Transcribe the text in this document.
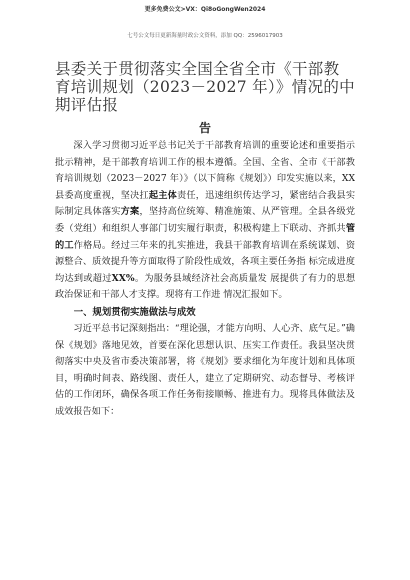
更多免费公文>VX：Qi8oGongWen2024
七号公文每日更新海量时政公文资料，添加 QQ：2596017903
县委关于贯彻落实全国全省全市《干部教育培训规划（2023－2027 年）》情况的中期评估报
告

深入学习贯彻习近平总书记关于干部教育培训的重要论述和重要指示批示精神，是干部教育培训工作的根本遵循。全国、全省、全市《干部教育培训规划（2023－2027 年）》（以下简称《规划》）印发实施以来，XX 县委高度重视，坚决扛起主体责任，迅速组织传达学习，紧密结合我县实际制定具体落实方案，坚持高位统筹、精准施策、从严管理。全县各级党委（党组）和组织人事部门切实履行职责，积极构建上下联动、齐抓共管的工作格局。经过三年来的扎实推进，我县干部教育培训在系统谋划、资源整合、质效提升等方面取得了阶段性成效，各项主要任务指 标完成进度均达到或超过XX%。为服务县域经济社会高质量发 展提供了有力的思想政治保证和干部人才支撑。现将有工作进 情况汇报如下。

一、规划贯彻实施做法与成效

习近平总书记深刻指出：“理论强，才能方向明、人心齐、底气足。”确保《规划》落地见效，首要在深化思想认识、压实工作责任。我县坚决贯彻落实中央及省市委决策部署，将《规划》要求细化为年度计划和具体项目，明确时间表、路线图、责任人，建立了定期研究、动态督导、考核评估的工作闭环，确保各项工作任务衔接顺畅、推进有力。现将具体做法及成效报告如下：
